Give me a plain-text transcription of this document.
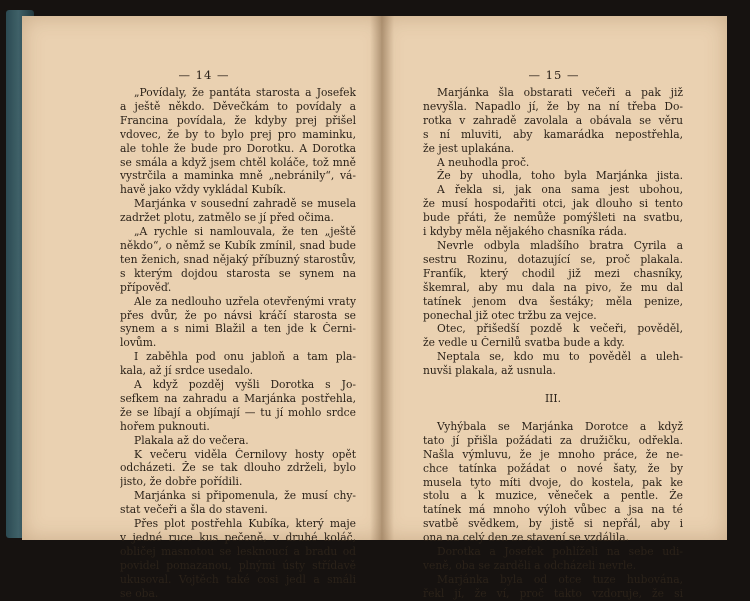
— 14 —
„Povídaly, že pantáta starosta a Josefek
a ještě někdo. Děvečkám to povídaly a
Francina povídala, že kdyby prej přišel
vdovec, že by to bylo prej pro maminku,
ale tohle že bude pro Dorotku. A Dorotka
se smála a když jsem chtěl koláče, tož mně
vystrčila a maminka mně „nebránily“, vá-
havě jako vždy vykládal Kubík.
Marjánka v sousední zahradě se musela
zadržet plotu, zatmělo se jí před očima.
„A rychle si namlouvala, že ten „ještě
někdo“, o němž se Kubík zmínil, snad bude
ten ženich, snad nějaký příbuzný starostův,
s kterým dojdou starosta se synem na
přípověď.
Ale za nedlouho uzřela otevřenými vraty
přes dvůr, že po návsi kráčí starosta se
synem a s nimi Blažil a ten jde k Černi-
lovům.
I zaběhla pod onu jabloň a tam pla-
kala, až jí srdce usedalo.
A když pozděj vyšli Dorotka s Jo-
sefkem na zahradu a Marjánka postřehla,
že se líbají a objímají — tu jí mohlo srdce
hořem puknouti.
Plakala až do večera.
K večeru viděla Černilovy hosty opět
odcházeti. Že se tak dlouho zdrželi, bylo
jisto, že dobře pořídili.
Marjánka si připomenula, že musí chy-
stat večeři a šla do staveni.
Přes plot postřehla Kubíka, který maje
v jedné ruce kus pečeně, v druhé koláč,
obličej masnotou se lesknoucí a bradu od
povidel pomazanou, plnými ústy střídavě
ukusoval. Vojtěch také cosi jedl a smáli
se oba.
— 15 —
Marjánka šla obstarati večeři a pak již
nevyšla. Napadlo jí, že by na ní třeba Do-
rotka v zahradě zavolala a obávala se věru
s ní mluviti, aby kamarádka nepostřehla,
že jest uplakána.
A neuhodla proč.
Že by uhodla, toho byla Marjánka jista.
A řekla si, jak ona sama jest ubohou,
že musí hospodařiti otci, jak dlouho si tento
bude přáti, že nemůže pomýšleti na svatbu,
i kdyby měla nějakého chasníka ráda.
Nevrle odbyla mladšího bratra Cyrila a
sestru Rozinu, dotazující se, proč plakala.
Franťík, který chodil již mezi chasníky,
škemral, aby mu dala na pivo, že mu dal
tatínek jenom dva šestáky; měla penize,
ponechal již otec tržbu za vejce.
Otec, přišedší pozdě k večeři, pověděl,
že vedle u Černilů svatba bude a kdy.
Neptala se, kdo mu to pověděl a uleh-
nuvši plakala, až usnula.
III.
Vyhýbala se Marjánka Dorotce a když
tato jí přišla požádati za družičku, odřekla.
Našla výmluvu, že je mnoho práce, že ne-
chce tatínka požádat o nové šaty, že by
musela tyto míti dvoje, do kostela, pak ke
stolu a k muzice, věneček a pentle. Že
tatínek má mnoho výloh vůbec a jsa na té
svatbě svědkem, by jistě si nepřál, aby i
ona na celý den ze stavení se vzdálila.
Dorotka a Josefek pohlíželi na sebe udi-
veně, oba se zarděli a odcházeli nevrle.
Marjánka byla od otce tuze hubována,
řekl jí, že ví, proč takto vzdoruje, že si
